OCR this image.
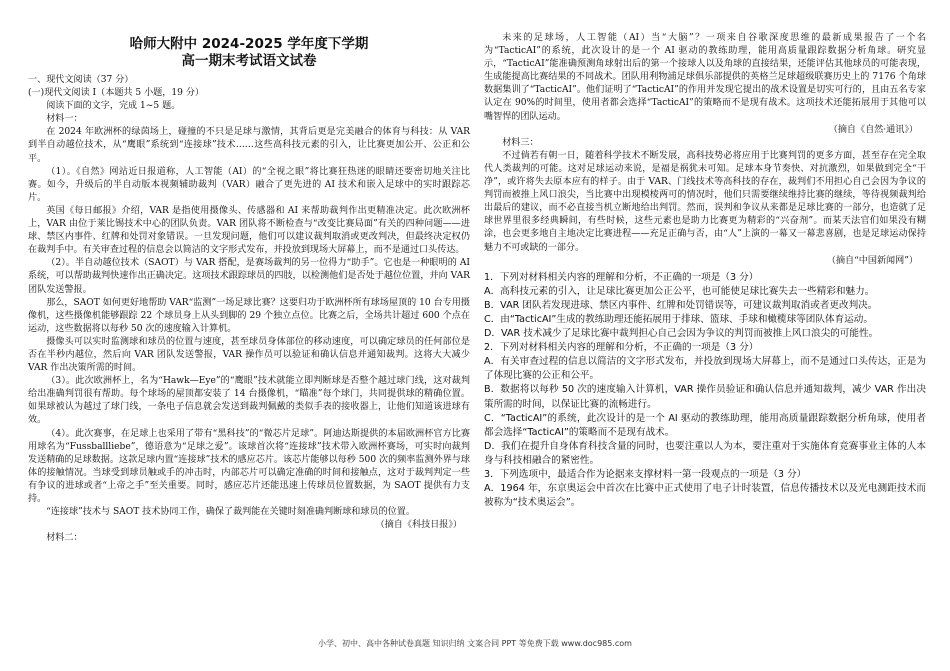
哈师大附中 2024-2025 学年度下学期

高一期末考试语文试卷

一、现代文阅读（37 分）

(一)现代文阅读 I（本题共 5 小题，19 分）

阅读下面的文字，完成 1~5 题。

材料一：

在 2024 年欧洲杯的绿茵场上，碰撞的不只是足球与激情，其背后更是完美融合的体育与科技：从 VAR 到半自动越位技术，从“鹰眼”系统到“连接球”技术……这些高科技元素的引入，让比赛更加公开、公正和公平。

（1）。《自然》网站近日报道称，人工智能（AI）的“全视之眼”将比赛狂热迷的眼睛还要密切地关注比赛。如今，升级后的半自动版本视频辅助裁判（VAR）融合了更先进的 AI 技术和嵌入足球中的实时跟踪芯片。

英国《每日邮报》介绍，VAR 是指使用摄像头、传感器和 AI 来帮助裁判作出更精准决定。此次欧洲杯上，VAR 由位于莱比锡技术中心的团队负责。VAR 团队将不断检查与“改变比赛局面”有关的四种问题——进球、禁区内事件、红牌和处罚对象错误。一旦发现问题，他们可以建议裁判取消或更改判决，但最终决定权仍在裁判手中。有关审查过程的信息会以简洁的文字形式发布，并投放到现场大屏幕上，而不是通过口头传达。

（2）。半自动越位技术（SAOT）与 VAR 搭配，是赛场裁判的另一位得力“助手”。它也是一种眼明的 AI 系统，可以帮助裁判快速作出正确决定。这项技术跟踪球员的四肢，以检测他们是否处于越位位置，并向 VAR 团队发送警报。

那么，SAOT 如何更好地帮助 VAR“监测”一场足球比赛？这要归功于欧洲杯所有球场屋顶的 10 台专用摄像机，这些摄像机能够跟踪 22 个球员身上从头到脚的 29 个独立点位。比赛之后，全场共计超过 600 个点在运动，这些数据将以每秒 50 次的速度输入计算机。

摄像头可以实时监测球和球员的位置与速度，甚至球员身体部位的移动速度，可以确定球员的任何部位是否在半秒内越位，然后向 VAR 团队发送警报，VAR 操作员可以验证和确认信息并通知裁判。这将大大减少 VAR 作出决策所需的时间。

（3）。此次欧洲杯上，名为“Hawk—Eye”的“鹰眼”技术就能立即判断球是否整个越过球门线，这对裁判给出准确判罚很有帮助。每个球场的屋顶都安装了 14 台摄像机，“瞄准”每个球门，共同提供球的精确位置。如果球被认为越过了球门线，一条电子信息就会发送到裁判佩戴的类似手表的接收器上，让他们知道该进球有效。

（4）。此次赛事，在足球上也采用了带有“黑科技”的“微芯片足球”。阿迪达斯提供的本届欧洲杯官方比赛用球名为“Fussballliebe”，德语意为“足球之爱”。该球首次将“连接球”技术带入欧洲杯赛场，可实时向裁判发送精确的足球数据。这款足球内置“连接球”技术的感应芯片。该芯片能够以每秒 500 次的频率监测外界与球体的接触情况。当球受到球员触或手的冲击时，内部芯片可以确定准确的时间和接触点，这对于裁判判定一些有争议的进球或者“上帝之手”至关重要。同时，感应芯片还能迅速上传球员位置数据，为 SAOT 提供有力支持。

“连接球”技术与 SAOT 技术协同工作，确保了裁判能在关键时刻准确判断球和球员的位置。

（摘自《科技日报》）

材料二：

未来的足球场，人工智能（AI）当“大脑”？一项来自谷歌深度思维的最新成果报告了一个名为“TacticAI”的系统，此次设计的是一个 AI 驱动的教练助理，能用高质量跟踪数据分析角球。研究显示，“TacticAI”能准确预测角球射出后的第一个接球人以及角球的直接结果，还能评估其他球员的可能表现，生成能提高比赛结果的不同战术。团队用利物浦足球俱乐部提供的英格兰足球超级联赛历史上的 7176 个角球数据集训了“TacticAI”。他们证明了“TacticAI”的作用并发现它提出的战术设置是切实可行的，且由五名专家认定在 90%的时间里，使用者都会选择“TacticAI”的策略而不是现有战术。这项技术还能拓展用于其他可以嘴智悍的团队运动。

（摘自《自然·通讯》）

材料三：

不过倘若有朝一日，随着科学技术不断发展，高科技势必将应用于比赛判罚的更多方面，甚至存在完全取代人类裁判的可能。这对足球运动来说，是福是祸犹未可知。足球本身节奏快、对抗激烈，如果做到完全“干净”，或许将失去原本应有的样子。由于 VAR、门线技术等高科技的存在，裁判们不用担心自己会因为争议的判罚而被推上风口浪尖，当比赛中出现模棱两可的情况时，他们只需要继续维持比赛的继续，等待视频裁判给出最后的建议，而不必直接当机立断地给出判罚。然而，误判和争议从来都是足球比赛的一部分，也造就了足球世界里很多经典瞬间，有些时候，这些元素也是助力比赛更为精彩的“兴奋剂”。而某天法官们如果没有糊涂，也会更多地自主地决定比赛进程——充足正确与否，由“人”上演的一幕又一幕悲喜剧，也是足球运动保持魅力不可或缺的一部分。

（摘自“中国新闻网”）

1．下列对材料相关内容的理解和分析，不正确的一项是（3 分）

A．高科技元素的引入，让足球比赛更加公正公平，也可能使足球比赛失去一些精彩和魅力。

B．VAR 团队若发现进球、禁区内事件、红牌和处罚错误等，可建议裁判取消或者更改判决。

C．由“TacticAI”生成的教练助理还能拓展用于排球、篮球、手球和橄榄球等团队体育运动。

D．VAR 技术减少了足球比赛中裁判担心自己会因为争议的判罚而被推上风口浪尖的可能性。

2．下列对材料相关内容的理解和分析，不正确的一项是（3 分）

A．有关审查过程的信息以简洁的文字形式发布，并投放到现场大屏幕上，而不是通过口头传达，正是为了体现比赛的公正和公平。

B．数据将以每秒 50 次的速度输入计算机，VAR 操作员验证和确认信息并通知裁判，减少 VAR 作出决策所需的时间，以保证比赛的流畅进行。

C．“TacticAI”的系统，此次设计的是一个 AI 驱动的教练助理，能用高质量跟踪数据分析角球，使用者都会选择“TacticAI”的策略而不是现有战术。

D．我们在提升自身体育科技含量的同时，也要注重以人为本，要注重对于实施体育竞赛事业主体的人本身与科技相融合的紧密性。

3．下列选项中，最适合作为论据来支撑材料一第一段观点的一项是（3 分）

A．1964 年，东京奥运会中首次在比赛中正式使用了电子计时装置，信息传播技术以及光电测距技术而被称为“技术奥运会”。

小学、初中、高中各种试卷真题 知识归纳 文案合同 PPT 等免费下载 www.doc985.com
